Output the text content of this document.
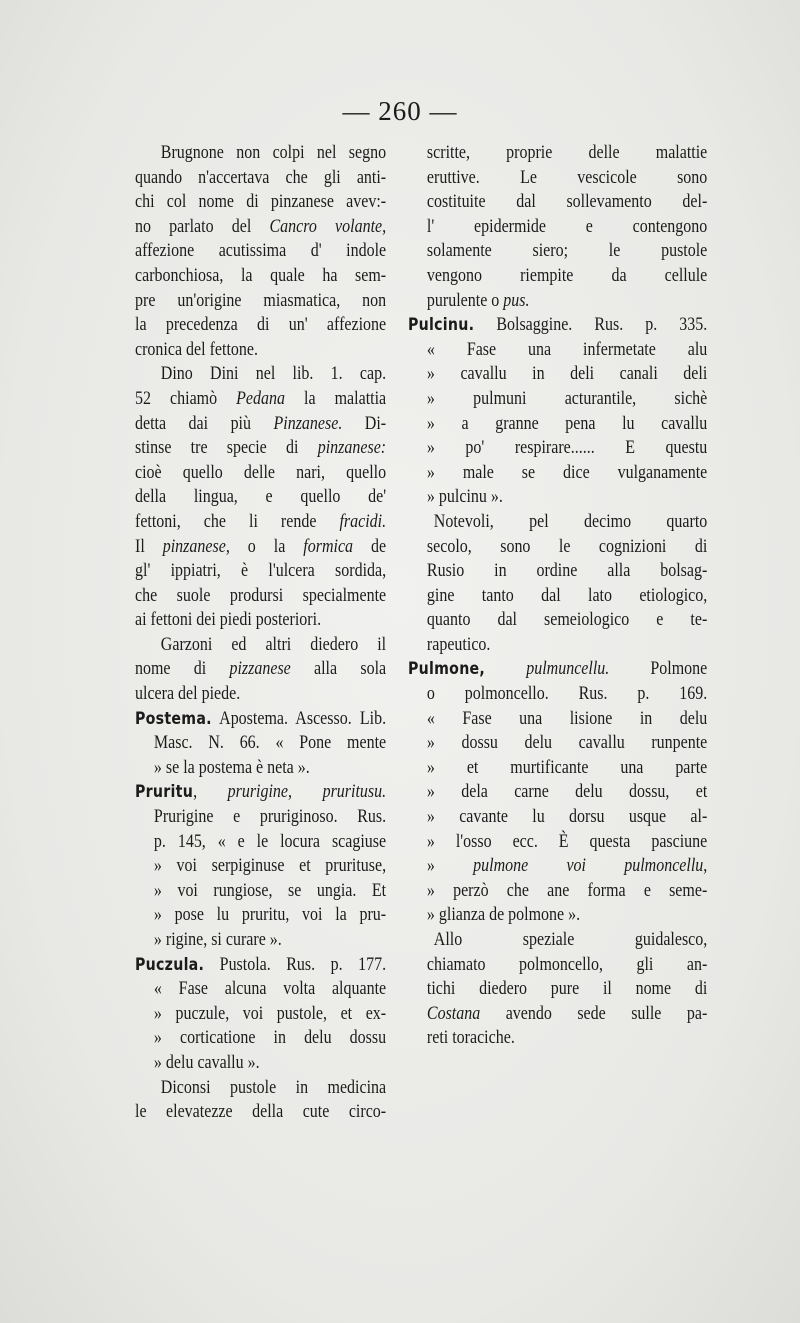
— 260 —
Brugnone non colpi nel segno
quando n'accertava che gli anti-
chi col nome di pinzanese avev:-
no parlato del Cancro volante,
affezione acutissima d' indole
carbonchiosa, la quale ha sem-
pre un'origine miasmatica, non
la precedenza di un' affezione
cronica del fettone.
Dino Dini nel lib. 1. cap.
52 chiamò Pedana la malattia
detta dai più Pinzanese. Di-
stinse tre specie di pinzanese:
cioè quello delle nari, quello
della lingua, e quello de'
fettoni, che li rende fracidi.
Il pinzanese, o la formica de
gl' ippiatri, è l'ulcera sordida,
che suole prodursi specialmente
ai fettoni dei piedi posteriori.
Garzoni ed altri diedero il
nome di pizzanese alla sola
ulcera del piede.
Postema. Apostema. Ascesso. Lib.
Masc. N. 66. « Pone mente
» se la postema è neta ».
Pruritu, prurigine, pruritusu.
Prurigine e pruriginoso. Rus.
p. 145, « e le locura scagiuse
» voi serpiginuse et prurituse,
» voi rungiose, se ungia. Et
» pose lu pruritu, voi la pru-
» rigine, si curare ».
Puczula. Pustola. Rus. p. 177.
« Fase alcuna volta alquante
» puczule, voi pustole, et ex-
» corticatione in delu dossu
» delu cavallu ».
Diconsi pustole in medicina
le elevatezze della cute circo-
scritte, proprie delle malattie
eruttive. Le vescicole sono
costituite dal sollevamento del-
l' epidermide e contengono
solamente siero; le pustole
vengono riempite da cellule
purulente o pus.
Pulcinu. Bolsaggine. Rus. p. 335.
« Fase una infermetate alu
» cavallu in deli canali deli
» pulmuni acturantile, sichè
» a granne pena lu cavallu
» po' respirare...... E questu
» male se dice vulganamente
» pulcinu ».
Notevoli, pel decimo quarto
secolo, sono le cognizioni di
Rusio in ordine alla bolsag-
gine tanto dal lato etiologico,
quanto dal semeiologico e te-
rapeutico.
Pulmone, pulmuncellu. Polmone
o polmoncello. Rus. p. 169.
« Fase una lisione in delu
» dossu delu cavallu runpente
» et murtificante una parte
» dela carne delu dossu, et
» cavante lu dorsu usque al-
» l'osso ecc. È questa pasciune
» pulmone voi pulmoncellu,
» perzò che ane forma e seme-
» glianza de polmone ».
Allo speziale guidalesco,
chiamato polmoncello, gli an-
tichi diedero pure il nome di
Costana avendo sede sulle pa-
reti toraciche.
